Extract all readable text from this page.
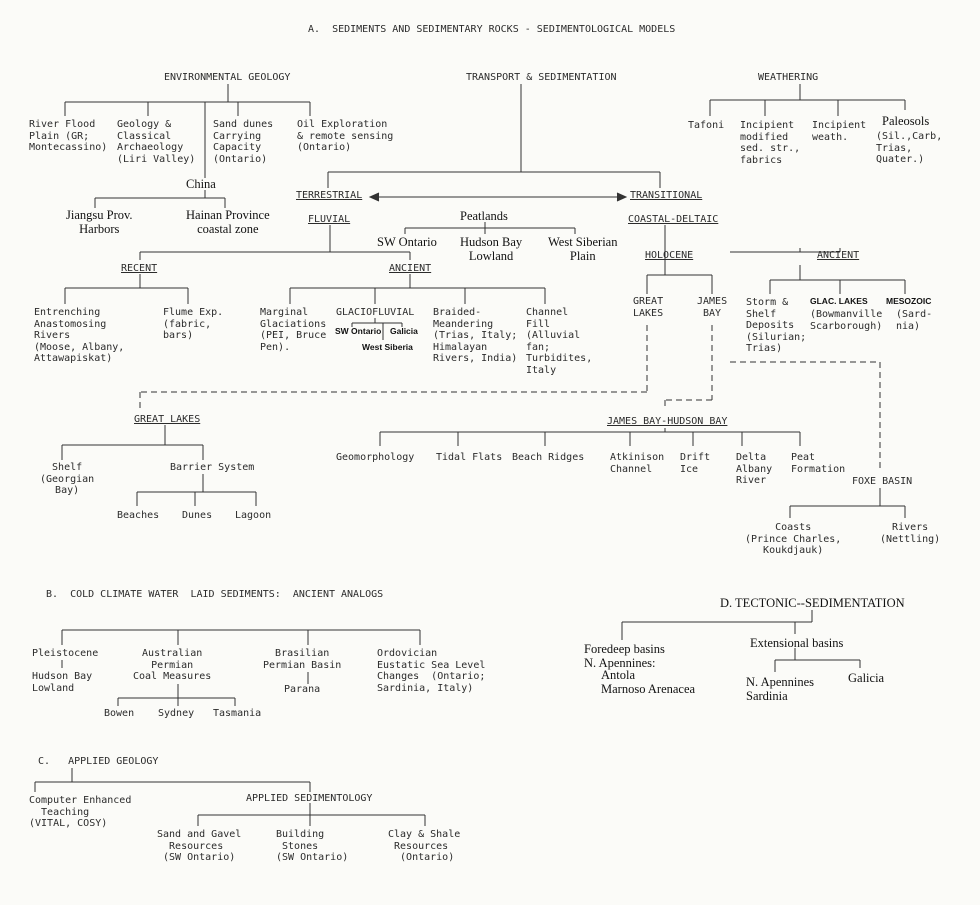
A.  SEDIMENTS AND SEDIMENTARY ROCKS - SEDIMENTOLOGICAL MODELS
ENVIRONMENTAL GEOLOGY	TRANSPORT & SEDIMENTATION	WEATHERING
River Flood
Plain (GR;
Montecassino)
Geology &
Classical
Archaeology
(Liri Valley)
Sand dunes
Carrying
Capacity
(Ontario)
Oil Exploration
& remote sensing
(Ontario)
China
Jiangsu Prov.
Harbors
Hainan Province
coastal zone
Tafoni Incipient
modified
sed. str.,
fabrics
Incipient
weath.
Paleosols
(Sil.,Carb,
Trias,
Quater.)
TERRESTRIAL
FLUVIAL
TRANSITIONAL
COASTAL-DELTAIC
Peatlands
SW Ontario Hudson Bay
Lowland
West Siberian
Plain
RECENT	ANCIENT
Entrenching
Anastomosing
Rivers
(Moose, Albany,
Attawapiskat)
Flume Exp.
(fabric,
bars)
Marginal
Glaciations
(PEI, Bruce
Pen).
GLACIOFLUVIAL
SW Ontario Galicia
West Siberia
Braided-
Meandering
(Trias, Italy;
Himalayan
Rivers, India)
Channel
Fill
(Alluvial
fan;
Turbidites,
Italy
HOLOCENE	ANCIENT
GREAT
LAKES
JAMES
BAY
Storm &
Shelf
Deposits
(Silurian;
Trias)
GLAC. LAKES
(Bowmanville
Scarborough)
MESOZOIC
(Sard-
nia)
GREAT LAKES
Shelf
(Georgian
Bay)
Barrier System
Beaches Dunes Lagoon
JAMES BAY-HUDSON BAY
Geomorphology Tidal Flats Beach Ridges	Atkinison
Channel
Drift
Ice
Delta
Albany
River
Peat
Formation
FOXE BASIN
Coasts
(Prince Charles,
Koukdjauk)
Rivers
(Nettling)
B.  COLD CLIMATE WATER  LAID SEDIMENTS:  ANCIENT ANALOGS
Pleistocene
Hudson Bay
Lowland
Australian
Permian
Coal Measures
Brasilian
Permian Basin
Parana
Ordovician
Eustatic Sea Level
Changes  (Ontario;
Sardinia, Italy)
Bowen Sydney Tasmania
C.   APPLIED GEOLOGY
Computer Enhanced
Teaching
(VITAL, COSY)
APPLIED SEDIMENTOLOGY
Sand and Gavel
Resources
(SW Ontario)
Building
Stones
(SW Ontario)
Clay & Shale
Resources
(Ontario)
D. TECTONIC--SEDIMENTATION
Foredeep basins
N. Apennines:
Antola
Marnoso Arenacea
Extensional basins
N. Apennines
Sardinia
Galicia
